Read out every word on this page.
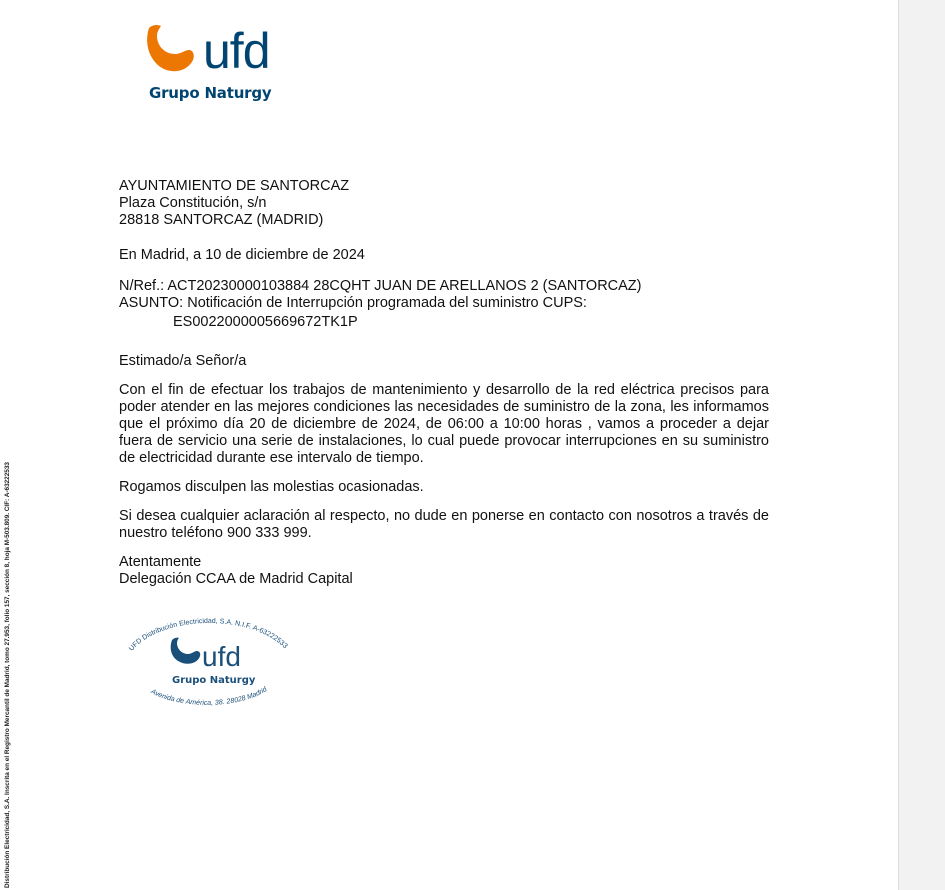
ufd
Grupo Naturgy
AYUNTAMIENTO DE SANTORCAZ
Plaza Constitución, s/n
28818 SANTORCAZ (MADRID)
En Madrid, a 10 de diciembre de 2024
N/Ref.: ACT20230000103884 28CQHT JUAN DE ARELLANOS 2 (SANTORCAZ)
ASUNTO: Notificación de Interrupción programada del suministro CUPS:
ES0022000005669672TK1P
Estimado/a Señor/a
Con el fin de efectuar los trabajos de mantenimiento y desarrollo de la red eléctrica precisos para poder atender en las mejores condiciones las necesidades de suministro de la zona, les informamos que el próximo día 20 de diciembre de 2024, de 06:00 a 10:00 horas , vamos a proceder a dejar fuera de servicio una serie de instalaciones, lo cual puede provocar interrupciones en su suministro de electricidad durante ese intervalo de tiempo.
Rogamos disculpen las molestias ocasionadas.
Si desea cualquier aclaración al respecto, no dude en ponerse en contacto con nosotros a través de nuestro teléfono 900 333 999.
Atentamente
Delegación CCAA de Madrid Capital
UFD Distribución Electricidad, S.A. N.I.F. A-63222533
Avenida de América, 38. 28028 Madrid
ufd
Grupo Naturgy
Distribución Electricidad, S.A. Inscrita en el Registro Mercantil de Madrid, tomo 27.953, folio 157, sección 8, hoja M-503.809. CIF: A-63222533
